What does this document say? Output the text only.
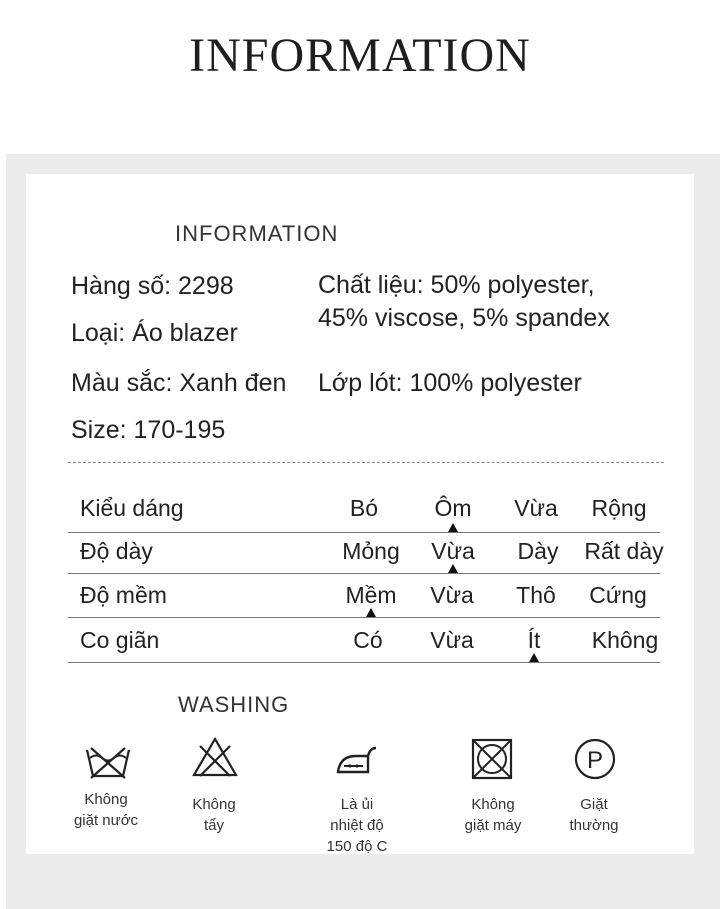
INFORMATION
INFORMATION
Hàng số: 2298
Loại: Áo blazer
Màu sắc: Xanh đen
Size: 170-195
Chất liệu: 50% polyester,
45% viscose, 5% spandex
Lớp lót: 100% polyester
Kiểu dáng	Bó	Ôm	Vừa	Rộng
Độ dày	Mỏng	Vừa	Dày	Rất dày
Độ mềm	Mềm	Vừa	Thô	Cứng
Co giãn	Có	Vừa	Ít	Không
WASHING
P
Không
giặt nước
Không
tẩy
Là ủi
nhiệt độ
150 độ C
Không
giặt máy
Giặt
thường
